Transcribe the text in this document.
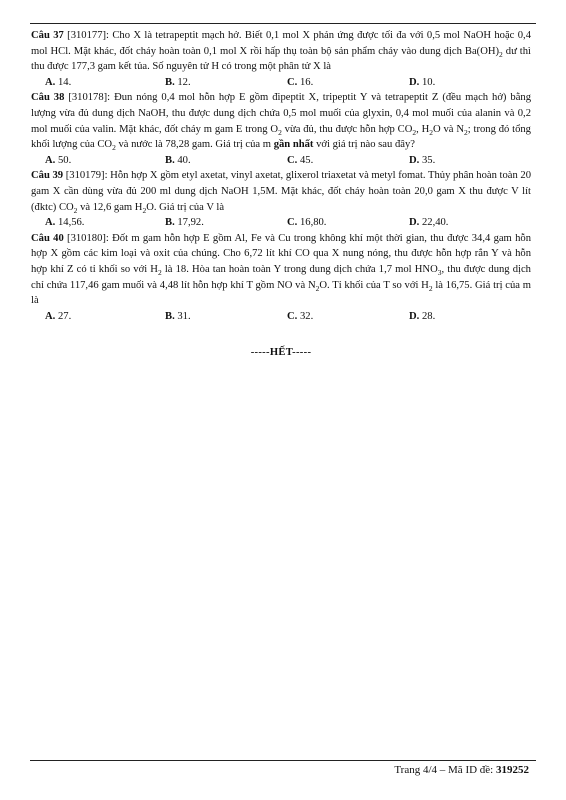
Câu 37 [310177]: Cho X là tetrapeptit mạch hở. Biết 0,1 mol X phản ứng được tối đa với 0,5 mol NaOH hoặc 0,4 mol HCl. Mặt khác, đốt cháy hoàn toàn 0,1 mol X rồi hấp thụ toàn bộ sản phẩm cháy vào dung dịch $Ba(OH)_2$ dư thì thu được 177,3 gam kết tủa. Số nguyên tử H có trong một phân tử X là
A. 14.	B. 12.	C. 16.	D. 10.
Câu 38 [310178]: Đun nóng 0,4 mol hỗn hợp E gồm đipeptit X, tripeptit Y và tetrapeptit Z (đều mạch hở) bằng lượng vừa đủ dung dịch NaOH, thu được dung dịch chứa 0,5 mol muối của glyxin, 0,4 mol muối của alanin và 0,2 mol muối của valin. Mặt khác, đốt cháy m gam E trong $O_2$ vừa đủ, thu được hỗn hợp $CO_2$, $H_2O$ và $N_2$; trong đó tổng khối lượng của $CO_2$ và nước là 78,28 gam. Giá trị của m gần nhất với giá trị nào sau đây?
A. 50.	B. 40.	C. 45.	D. 35.
Câu 39 [310179]: Hỗn hợp X gồm etyl axetat, vinyl axetat, glixerol triaxetat và metyl fomat. Thủy phân hoàn toàn 20 gam X cần dùng vừa đủ 200 ml dung dịch NaOH 1,5M. Mặt khác, đốt cháy hoàn toàn 20,0 gam X thu được V lít (đktc) $CO_2$ và 12,6 gam $H_2O$. Giá trị của V là
A. 14,56.	B. 17,92.	C. 16,80.	D. 22,40.
Câu 40 [310180]: Đốt m gam hỗn hợp E gồm Al, Fe và Cu trong không khí một thời gian, thu được 34,4 gam hỗn hợp X gồm các kim loại và oxit của chúng. Cho 6,72 lít khí CO qua X nung nóng, thu được hỗn hợp rắn Y và hỗn hợp khí Z có tỉ khối so với $H_2$ là 18. Hòa tan hoàn toàn Y trong dung dịch chứa 1,7 mol $HNO_3$, thu được dung dịch chỉ chứa 117,46 gam muối và 4,48 lít hỗn hợp khí T gồm NO và $N_2O$. Tỉ khối của T so với $H_2$ là 16,75. Giá trị của m là
A. 27.	B. 31.	C. 32.	D. 28.
-----HẾT-----
Trang 4/4 – Mã ID đề: 319252
